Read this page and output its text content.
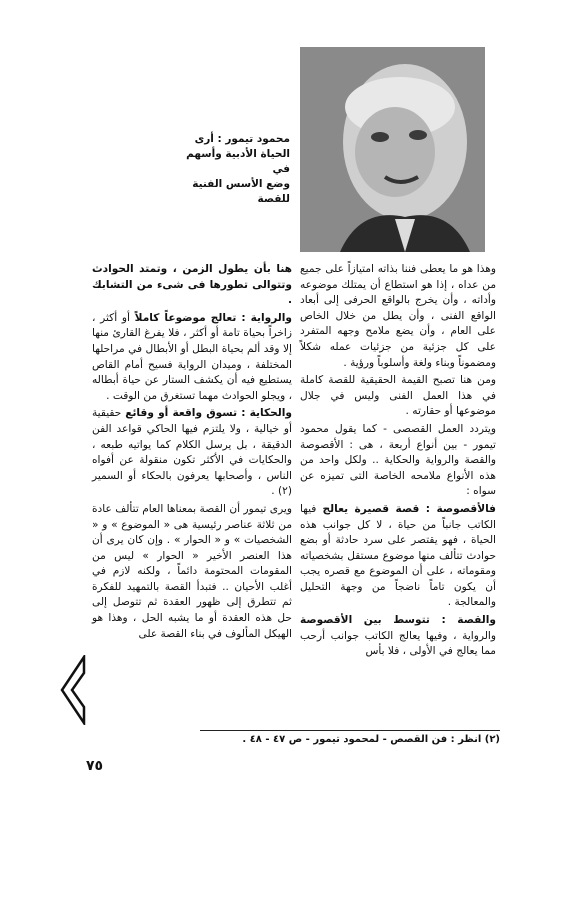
محمود تيمور : أرى
الحياة الأدبية وأسهم في
وضع الأسس الفنية للقصة

وهذا هو ما يعطى فننا بذاته امتيازاً على جميع من عداه ، إذا هو استطاع أن يمتلك موضوعه وأداته ، وأن يخرج بالواقع الحرفى إلى أبعاد الواقع الفنى ، وأن يطل من خلال الخاص على العام ، وأن يضع ملامح وجهه المتفرد على كل جزئية من جزئيات عمله شكلاً ومضموناً وبناء ولغة وأسلوباً ورؤية .

ومن هنا تصبح القيمة الحقيقية للقصة كاملة في هذا العمل الفنى وليس في جلال موضوعها أو حقارته .

ويتردد العمل القصصى - كما يقول محمود تيمور - بين أنواع أربعة ، هى : الأقصوصة والقصة والرواية والحكاية .. ولكل واحد من هذه الأنواع ملامحه الخاصة التى تميزه عن سواه :

فالأقصوصة : قصة قصيرة يعالج فيها الكاتب جانباً من حياة ، لا كل جوانب هذه الحياة ، فهو يقتصر على سرد حادثة أو بضع حوادث تتألف منها موضوع مستقل بشخصياته ومقوماته ، على أن الموضوع مع قصره يجب أن يكون تاماً ناضجاً من وجهة التحليل والمعالجة .

والقصة : تتوسط بين الأقصوصة والرواية ، وفيها يعالج الكاتب جوانب أرحب مما يعالج في الأولى ، فلا بأس

هنا بأن يطول الزمن ، وتمتد الحوادث وتتوالى تطورها فى شىء من التشابك .

والرواية : تعالج موضوعاً كاملاً أو أكثر ، زاخراً بحياة تامة أو أكثر ، فلا يفرغ القارئ منها إلا وقد ألم بحياة البطل أو الأبطال في مراحلها المختلفة ، وميدان الرواية فسيح أمام القاص يستطيع فيه أن يكشف الستار عن حياة أبطاله ، ويجلو الحوادث مهما تستغرق من الوقت .

والحكاية : تسوق واقعة أو وقائع حقيقية أو خيالية ، ولا يلتزم فيها الحاكي قواعد الفن الدقيقة ، بل يرسل الكلام كما يواتيه طبعه ، والحكايات في الأكثر تكون منقولة عن أفواه الناس ، وأصحابها يعرفون بالحكاء أو السمير (٢) .

ويرى تيمور أن القصة بمعناها العام تتألف عادة من ثلاثة عناصر رئيسية هى « الموضوع » و « الشخصيات » و « الحوار » . وإن كان يرى أن هذا العنصر الأخير « الحوار » ليس من المقومات المحتومة دائماً ، ولكنه لازم في أغلب الأحيان .. فتبدأ القصة بالتمهيد للفكرة ثم تتطرق إلى ظهور العقدة ثم تتوصل إلى حل هذه العقدة أو ما يشبه الحل ، وهذا هو الهيكل المألوف في بناء القصة على

(٢) انظر : فن القصص - لمحمود تيمور - ص ٤٧ - ٤٨ .
٧٥
